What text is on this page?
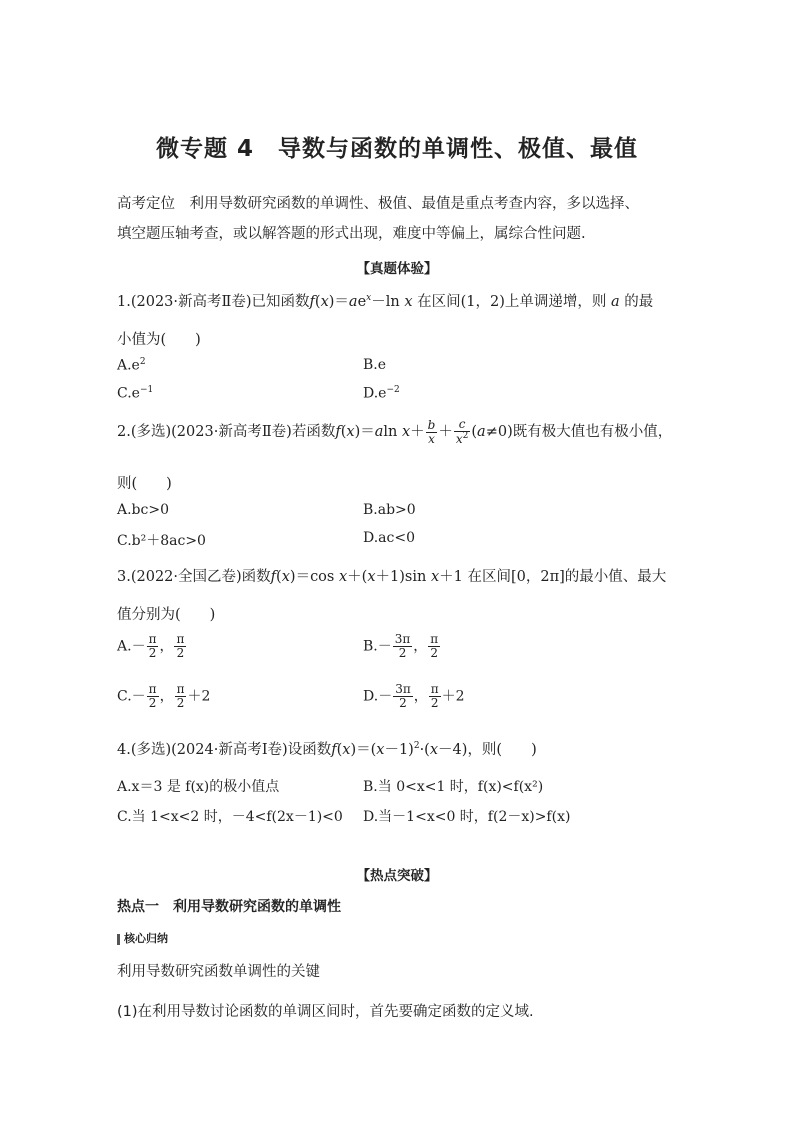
微专题 4　导数与函数的单调性、极值、最值
高考定位　利用导数研究函数的单调性、极值、最值是重点考查内容，多以选择、
填空题压轴考查，或以解答题的形式出现，难度中等偏上，属综合性问题.
【真题体验】
1.(2023·新高考Ⅱ卷)已知函数$f(x)=ae^x-\ln$ x 在区间(1，2)上单调递增，则 a 的最
小值为(　　)
$A.e^2$	B.e
$C.e^{-1}$	$D.e^{-2}$
2.(多选)(2023·新高考Ⅱ卷)若函数f(x)＝aln $x+ \frac{b}{x} + \frac{c}{x^2} (a\ne 0)$既有极大值也有极小值，
则(　　)
A.bc>0	B.ab>0
C.b²＋8ac>0	D.ac<0
3.(2022·全国乙卷)函数f(x)＝cos x＋(x＋1)sin x＋1 在区间[0，2π]的最小值、最大
值分别为(　　)
$A.- \frac{\pi}{2}$ ， $\frac{\pi}{2}$	$B.- \frac{3\pi}{2}$ ， $\frac{\pi}{2}$
$C.- \frac{\pi}{2}$ ， $\frac{\pi}{2} +2$	$D.- \frac{3\pi}{2}$ ， $\frac{\pi}{2} +2$
4.(多选)(2024·新高考Ⅰ卷)设函数$f(x)=(x-1)^2\cdot(x-4)$，则(　　)
A.x＝3 是 f(x)的极小值点	B.当 0<x<1 时，f(x)<f(x²)
C.当 1<x<2 时，－4<f(2x－1)<0 D.当－1<x<0 时，f(2－x)>f(x)
【热点突破】
热点一　利用导数研究函数的单调性
核心归纳
利用导数研究函数单调性的关键
(1)在利用导数讨论函数的单调区间时，首先要确定函数的定义域.
